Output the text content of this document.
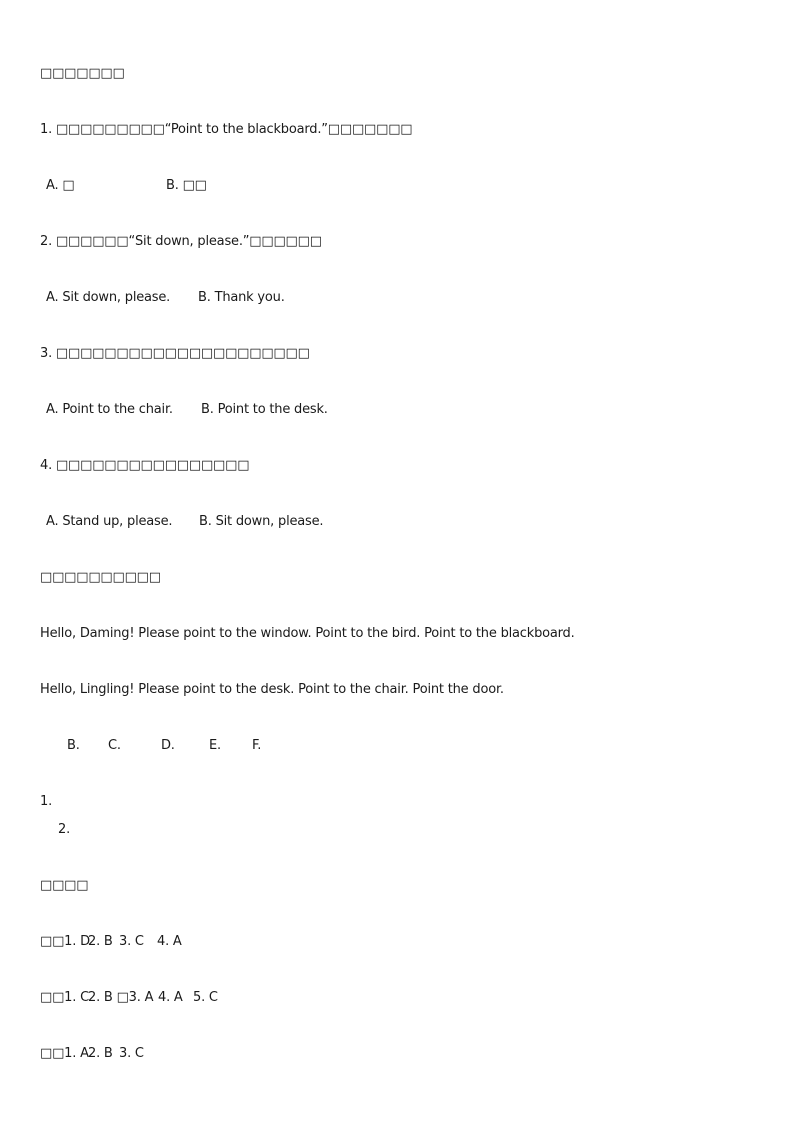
□□□□□□□
1. □□□□□□□□□“Point to the blackboard.”□□□□□□□
A. □	B. □□
2. □□□□□□“Sit down, please.”□□□□□□
A. Sit down, please. B. Thank you.
3. □□□□□□□□□□□□□□□□□□□□□
A. Point to the chair. B. Point to the desk.
4. □□□□□□□□□□□□□□□□
A. Stand up, please. B. Sit down, please.
□□□□□□□□□□
Hello, Daming! Please point to the window. Point to the bird. Point to the blackboard.
Hello, Lingling! Please point to the desk. Point to the chair. Point the door.
B. C.	D.	E. F.
1.
2.
□□□□
□□1. D
2. B 3. C 4. A
□□1. C 2. B □3. A 4. A 5. C
□□1. A 2. B 3. C
